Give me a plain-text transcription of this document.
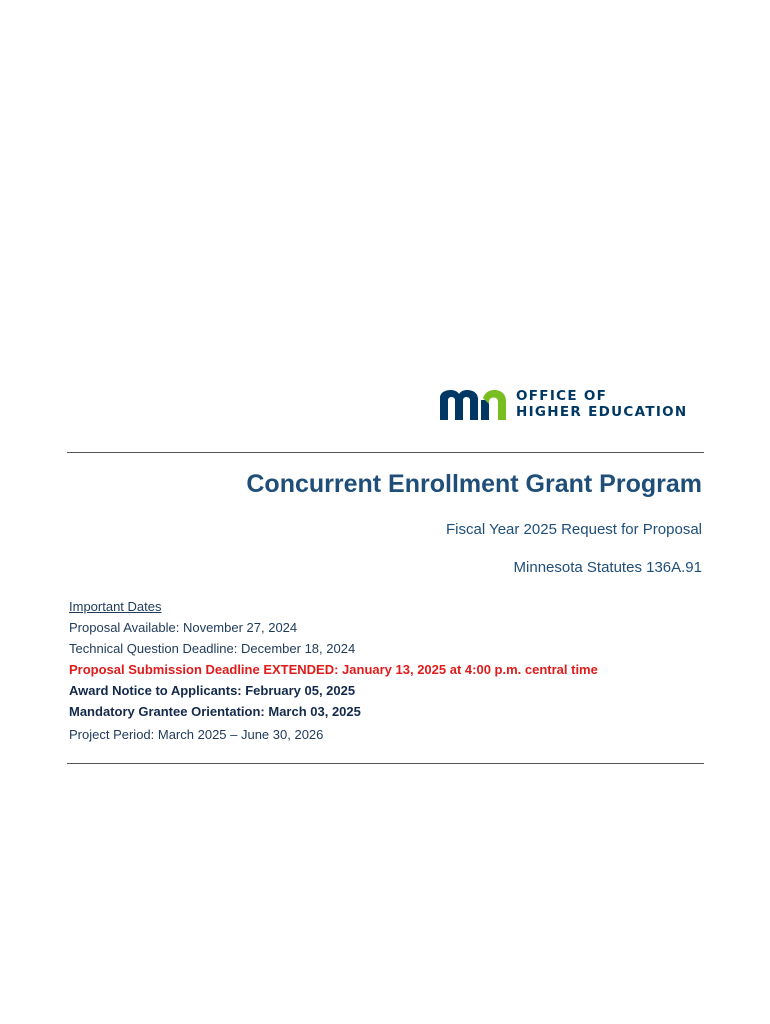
OFFICE OF
HIGHER EDUCATION
Concurrent Enrollment Grant Program
Fiscal Year 2025 Request for Proposal
Minnesota Statutes 136A.91
Important Dates
Proposal Available: November 27, 2024
Technical Question Deadline: December 18, 2024
Proposal Submission Deadline EXTENDED: January 13, 2025 at 4:00 p.m. central time
Award Notice to Applicants: February 05, 2025
Mandatory Grantee Orientation: March 03, 2025
Project Period: March 2025 – June 30, 2026
